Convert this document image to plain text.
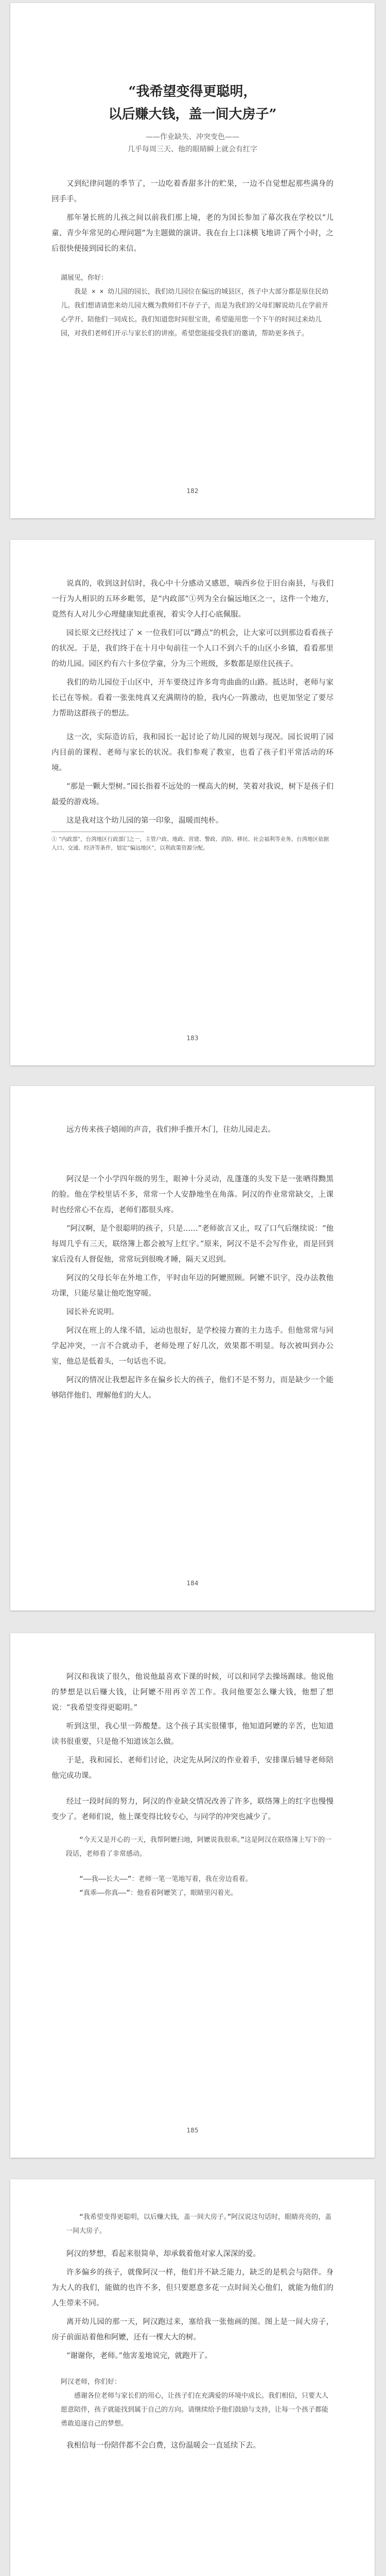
“我希望变得更聪明，

以后赚大钱，盖一间大房子”

——作业缺失、冲突变色——

几乎每周三天、他的眼睛瞬上就会有红字

又到纪律问题的季节了，一边吃着香甜多汁的贮果，一边不自觉想起那些满身的回手手。

那年暑长班的儿孩之间以前我们那上境，老的为国长参加了幕次我在学校以“儿童、青少年常见的心理问题”为主题做的演讲。我在台上口沫横飞地讲了两个小时，之后很快便接到园长的来信。

湖展见，你好：

我是 × × 幼儿园的园长，我们幼儿园位在偏远的城县区，孩子中大部分都是原住民幼儿。我们想请请您来幼儿园大概为教师们不存子子，而是为我们的父母们解说幼儿在学前开心学开、陪他们一同成长。我们知道您时间很宝贵，希望能用您一个下午的时间过来幼儿园，对我们老师们开示与家长们的讲座。希望您能接受我们的邀请，帮助更多孩子。

182

说真的，收到这封信时，我心中十分感动又感恩，嘀西乡位于旧台南县，与我们一行为人相识的五环乡毗邻，是“内政部”①列为全台偏远地区之一，这件一个地方，竟然有人对儿少心理健康知此重视，着实令人打心底佩服。

园长原文已经找过了 × 一位我们可以“蹲点”的机会，让大家可以到那边看看孩子的状况。于是，我们终于在十月中旬前往一个人口不到六千的山区小乡镇，看看那里的幼儿园。园区约有六十多位学童，分为三个班级，多数都是原住民孩子。

我们的幼儿园位于山区中，开车要绕过许多弯弯曲曲的山路。抵达时，老师与家长已在等候。看着一张张纯真又充满期待的脸，我内心一阵激动，也更加坚定了要尽力帮助这群孩子的想法。

这一次，实际造访后，我和园长一起讨论了幼儿园的规划与现况。园长说明了园内目前的课程、老师与家长的状况。我们参观了教室，也看了孩子们平常活动的环境。

“那是一颗大型树。”园长指着不远处的一棵高大的树，笑着对我说，树下是孩子们最爱的游戏场。

这是我对这个幼儿园的第一印象，温暖而纯朴。

① “内政部”，台湾地区行政部门之一，主管户政、地政、营建、警政、消防、移民、社会福利等业务。台湾地区依据人口、交通、经济等条件，划定“偏远地区”，以利政策资源分配。

183

远方传来孩子嬉闹的声音，我们伸手推开木门，往幼儿园走去。

阿汉是一个小学四年级的男生，眼神十分灵动，乱蓬蓬的头发下是一张晒得黝黑的脸。他在学校里话不多，常常一个人安静地坐在角落。阿汉的作业常常缺交，上课时也经常心不在焉，老师们都很头疼。

“阿汉啊，是个很聪明的孩子，只是……”老师欲言又止，叹了口气后继续说：“他每周几乎有三天，联络簿上都会被写上红字。”原来，阿汉不是不会写作业，而是回到家后没有人督促他，常常玩到很晚才睡，隔天又迟到。

阿汉的父母长年在外地工作，平时由年迈的阿嬷照顾。阿嬷不识字，没办法教他功课，只能尽量让他吃饱穿暖。

园长补充说明。

阿汉在班上的人缘不错，运动也很好，是学校接力赛的主力选手。但他常常与同学起冲突，一言不合就动手，老师处理了好几次，效果都不明显。每次被叫到办公室，他总是低着头，一句话也不说。

阿汉的情况让我想起许多在偏乡长大的孩子，他们不是不努力，而是缺少一个能够陪伴他们、理解他们的大人。

184

阿汉和我谈了很久，他说他最喜欢下课的时候，可以和同学去操场踢球。他说他的梦想是以后赚大钱，让阿嬷不用再辛苦工作。我问他要怎么赚大钱，他想了想说：“我希望变得更聪明。”

听到这里，我心里一阵酸楚。这个孩子其实很懂事，他知道阿嬷的辛苦，也知道读书很重要，只是他不知道该怎么做。

于是，我和园长、老师们讨论，决定先从阿汉的作业着手，安排课后辅导老师陪他完成功课。

经过一段时间的努力，阿汉的作业缺交情况改善了许多，联络簿上的红字也慢慢变少了。老师们说，他上课变得比较专心，与同学的冲突也减少了。

“今天又是开心的一天，我帮阿嬷扫地，阿嬷说我很乖。”这是阿汉在联络簿上写下的一段话，老师看了非常感动。

“——我——长大——”：老师一笔一笔地写着，我在旁边看着。

“真乖——你真——”：他看着阿嬷笑了，眼睛里闪着光。

185

“我希望变得更聪明，以后赚大钱，盖一间大房子。”阿汉说这句话时，眼睛亮亮的，盖一间大房子。

阿汉的梦想，看起来很简单，却承载着他对家人深深的爱。

许多偏乡的孩子，就像阿汉一样，他们并不缺乏能力，缺乏的是机会与陪伴。身为大人的我们，能做的也许不多，但只要愿意多花一点时间关心他们，就能为他们的人生带来不同。

离开幼儿园的那一天，阿汉跑过来，塞给我一张他画的图。图上是一间大房子，房子前面站着他和阿嬷，还有一棵大大的树。

“谢谢你，老师。”他害羞地说完，就跑开了。

阿汉老师，你们好：

感谢各位老师与家长们的用心，让孩子们在充满爱的环境中成长。我们相信，只要大人愿意陪伴，孩子就能找到属于自己的方向。请继续给予他们鼓励与支持，让每一个孩子都能勇敢追逐自己的梦想。

我相信每一份陪伴都不会白费，这份温暖会一直延续下去。
